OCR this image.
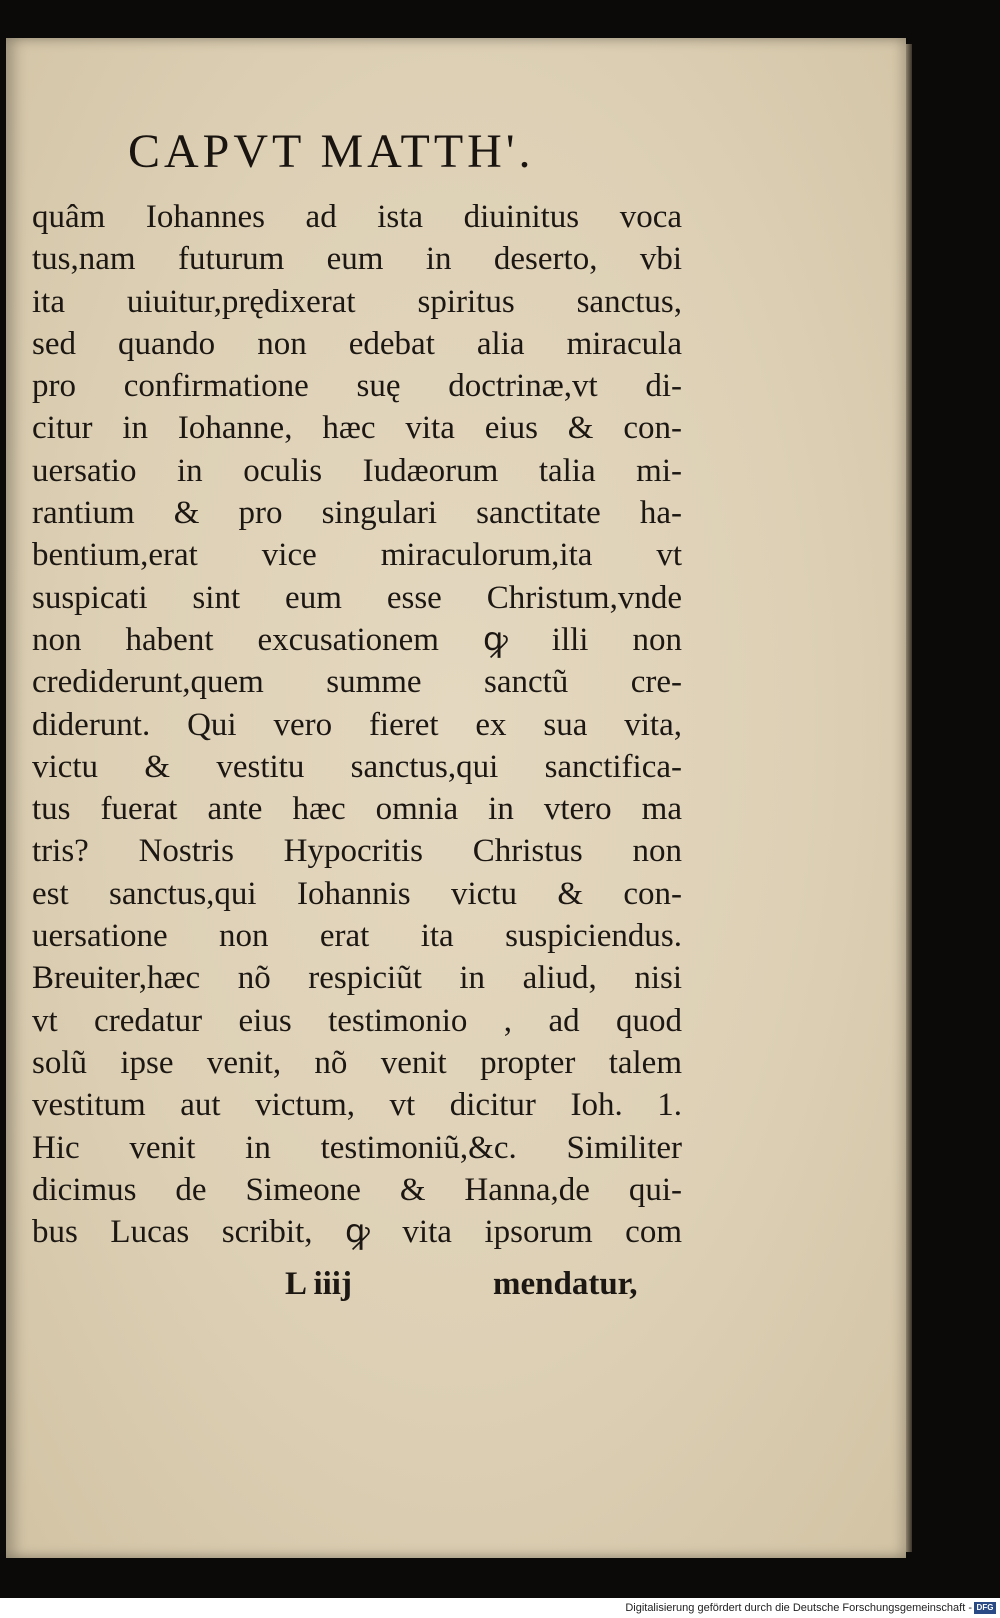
CAPVT MATTH'.
quâm Iohannes ad ista diuinitus voca
tus,nam futurum eum in deserto, vbi
ita uiuitur,prędixerat spiritus sanctus,
sed quando non edebat alia miracula
pro confirmatione suę doctrinæ,vt di-
citur in Iohanne, hæc vita eius & con-
uersatio in oculis Iudæorum talia mi-
rantium & pro singulari sanctitate ha-
bentium,erat vice miraculorum,ita vt
suspicati sint eum esse Christum,vnde
non habent excusationem ꝙ illi non
crediderunt,quem summe sanctũ cre-
diderunt. Qui vero fieret ex sua vita,
victu & vestitu sanctus,qui sanctifica-
tus fuerat ante hæc omnia in vtero ma
tris? Nostris Hypocritis Christus non
est sanctus,qui Iohannis victu & con-
uersatione non erat ita suspiciendus.
Breuiter,hæc nõ respiciũt in aliud, nisi
vt credatur eius testimonio , ad quod
solũ ipse venit, nõ venit propter talem
vestitum aut victum, vt dicitur Ioh. 1.
Hic venit in testimoniũ,&c. Similiter
dicimus de Simeone & Hanna,de qui-
bus Lucas scribit, ꝙ vita ipsorum com
L iiij	mendatur,
Digitalisierung gefördert durch die Deutsche Forschungsgemeinschaft - DFG
